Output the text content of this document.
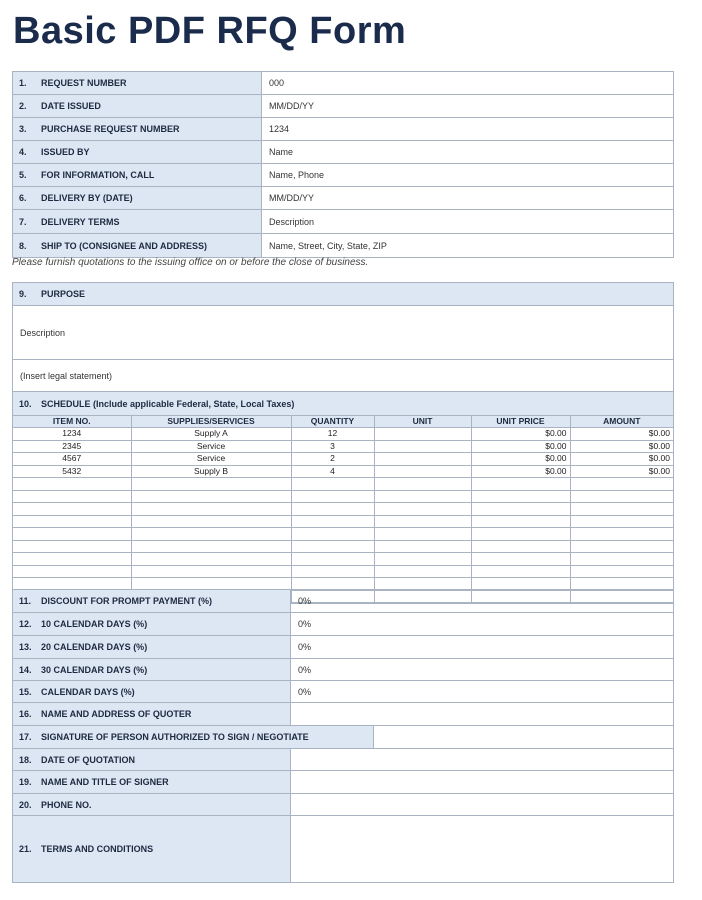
Basic PDF RFQ Form
1.	REQUEST NUMBER	000
2.	DATE ISSUED	MM/DD/YY
3.	PURCHASE REQUEST NUMBER	1234
4.	ISSUED BY	Name
5.	FOR INFORMATION, CALL	Name, Phone
6.	DELIVERY BY (DATE)	MM/DD/YY
7.	DELIVERY TERMS	Description
8.	SHIP TO (CONSIGNEE AND ADDRESS)	Name, Street, City, State, ZIP
Please furnish quotations to the issuing office on or before the close of business.
9.	PURPOSE
Description
(Insert legal statement)
10.	SCHEDULE (Include applicable Federal, State, Local Taxes)
ITEM NO.	SUPPLIES/SERVICES	QUANTITY	UNIT	UNIT PRICE	AMOUNT
1234	Supply A	12		$0.00	$0.00
2345	Service	3		$0.00	$0.00
4567	Service	2		$0.00	$0.00
5432	Supply B	4		$0.00	$0.00

11.	DISCOUNT FOR PROMPT PAYMENT (%)	0%
12.	10 CALENDAR DAYS (%)	0%
13.	20 CALENDAR DAYS (%)	0%
14.	30 CALENDAR DAYS (%)	0%
15.	CALENDAR DAYS (%)	0%
16.	NAME AND ADDRESS OF QUOTER
17.	SIGNATURE OF PERSON AUTHORIZED TO SIGN / NEGOTIATE
18.	DATE OF QUOTATION
19.	NAME AND TITLE OF SIGNER
20.	PHONE NO.
21.	TERMS AND CONDITIONS
